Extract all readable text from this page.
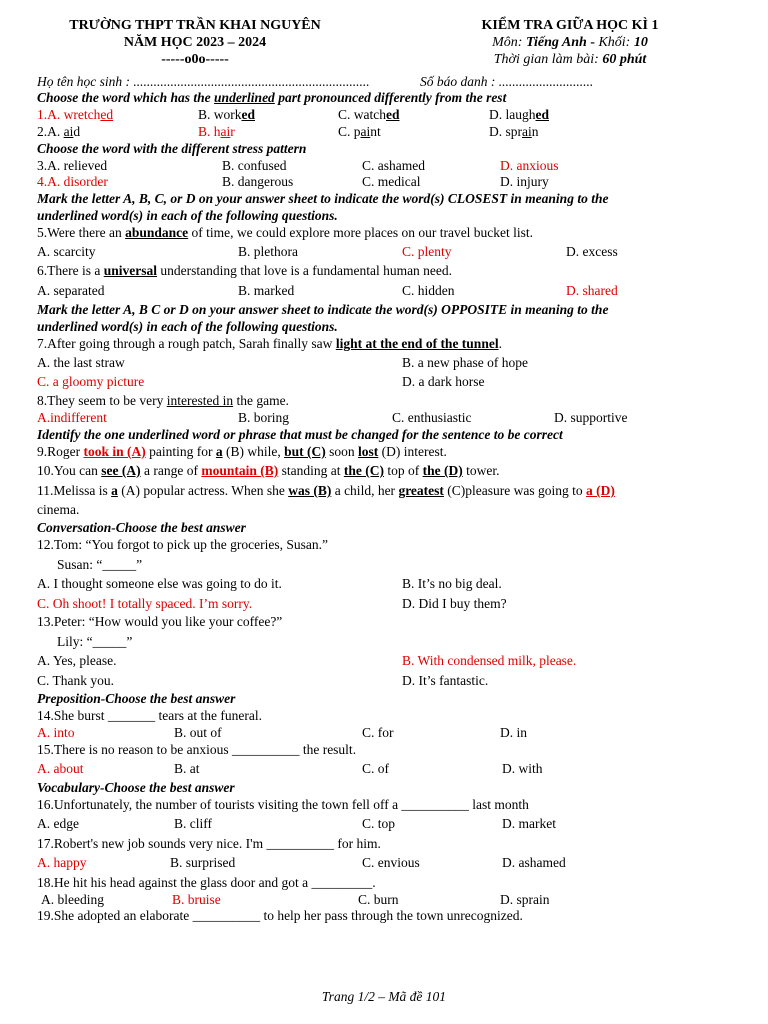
TRƯỜNG THPT TRẦN KHAI NGUYÊN
NĂM HỌC 2023 – 2024
-----o0o-----
KIỂM TRA GIỮA HỌC KÌ 1
Môn: Tiếng Anh - Khối: 10
Thời gian làm bài: 60 phút
Họ tên học sinh : ......................................................................	Số báo danh : ............................
Choose the word which has the underlined part pronounced differently from the rest
1.A. wretched	B. worked	C. watched	D. laughed
2.A. aid	B. hair	C. paint	D. sprain
Choose the word with the different stress pattern
3.A. relieved	B. confused	C. ashamed	D. anxious
4.A. disorder	B. dangerous	C. medical	D. injury
Mark the letter A, B, C, or D on your answer sheet to indicate the word(s) CLOSEST in meaning to the
underlined word(s) in each of the following questions.
5.Were there an abundance of time, we could explore more places on our travel bucket list.
A. scarcity	B. plethora	C. plenty	D. excess
6.There is a universal understanding that love is a fundamental human need.
A. separated	B. marked	C. hidden	D. shared
Mark the letter A, B C or D on your answer sheet to indicate the word(s) OPPOSITE in meaning to the
underlined word(s) in each of the following questions.
7.After going through a rough patch, Sarah finally saw light at the end of the tunnel.
A. the last straw	B. a new phase of hope
C. a gloomy picture	D. a dark horse
8.They seem to be very interested in the game.
A.indifferent	B. boring	C. enthusiastic	D. supportive
Identify the one underlined word or phrase that must be changed for the sentence to be correct
9.Roger took in (A) painting for a (B) while, but (C) soon lost (D) interest.
10.You can see (A) a range of mountain (B) standing at the (C) top of the (D) tower.
11.Melissa is a (A) popular actress. When she was (B) a child, her greatest (C)pleasure was going to a (D)
cinema.
Conversation-Choose the best answer
12.Tom: “You forgot to pick up the groceries, Susan.”
Susan: “_____”
A. I thought someone else was going to do it.	B. It’s no big deal.
C. Oh shoot! I totally spaced. I’m sorry.	D. Did I buy them?
13.Peter: “How would you like your coffee?”
Lily: “_____”
A. Yes, please.	B. With condensed milk, please.
C. Thank you.	D. It’s fantastic.
Preposition-Choose the best answer
14.She burst _______ tears at the funeral.
A. into	B. out of	C. for	D. in
15.There is no reason to be anxious __________ the result.
A. about	B. at	C. of	D. with
Vocabulary-Choose the best answer
16.Unfortunately, the number of tourists visiting the town fell off a __________ last month
A. edge	B. cliff	C. top	D. market
17.Robert's new job sounds very nice. I'm __________ for him.
A. happy	B. surprised	C. envious	D. ashamed
18.He hit his head against the glass door and got a _________.
A. bleeding	B. bruise	C. burn	D. sprain
19.She adopted an elaborate __________ to help her pass through the town unrecognized.
Trang 1/2 – Mã đề 101
